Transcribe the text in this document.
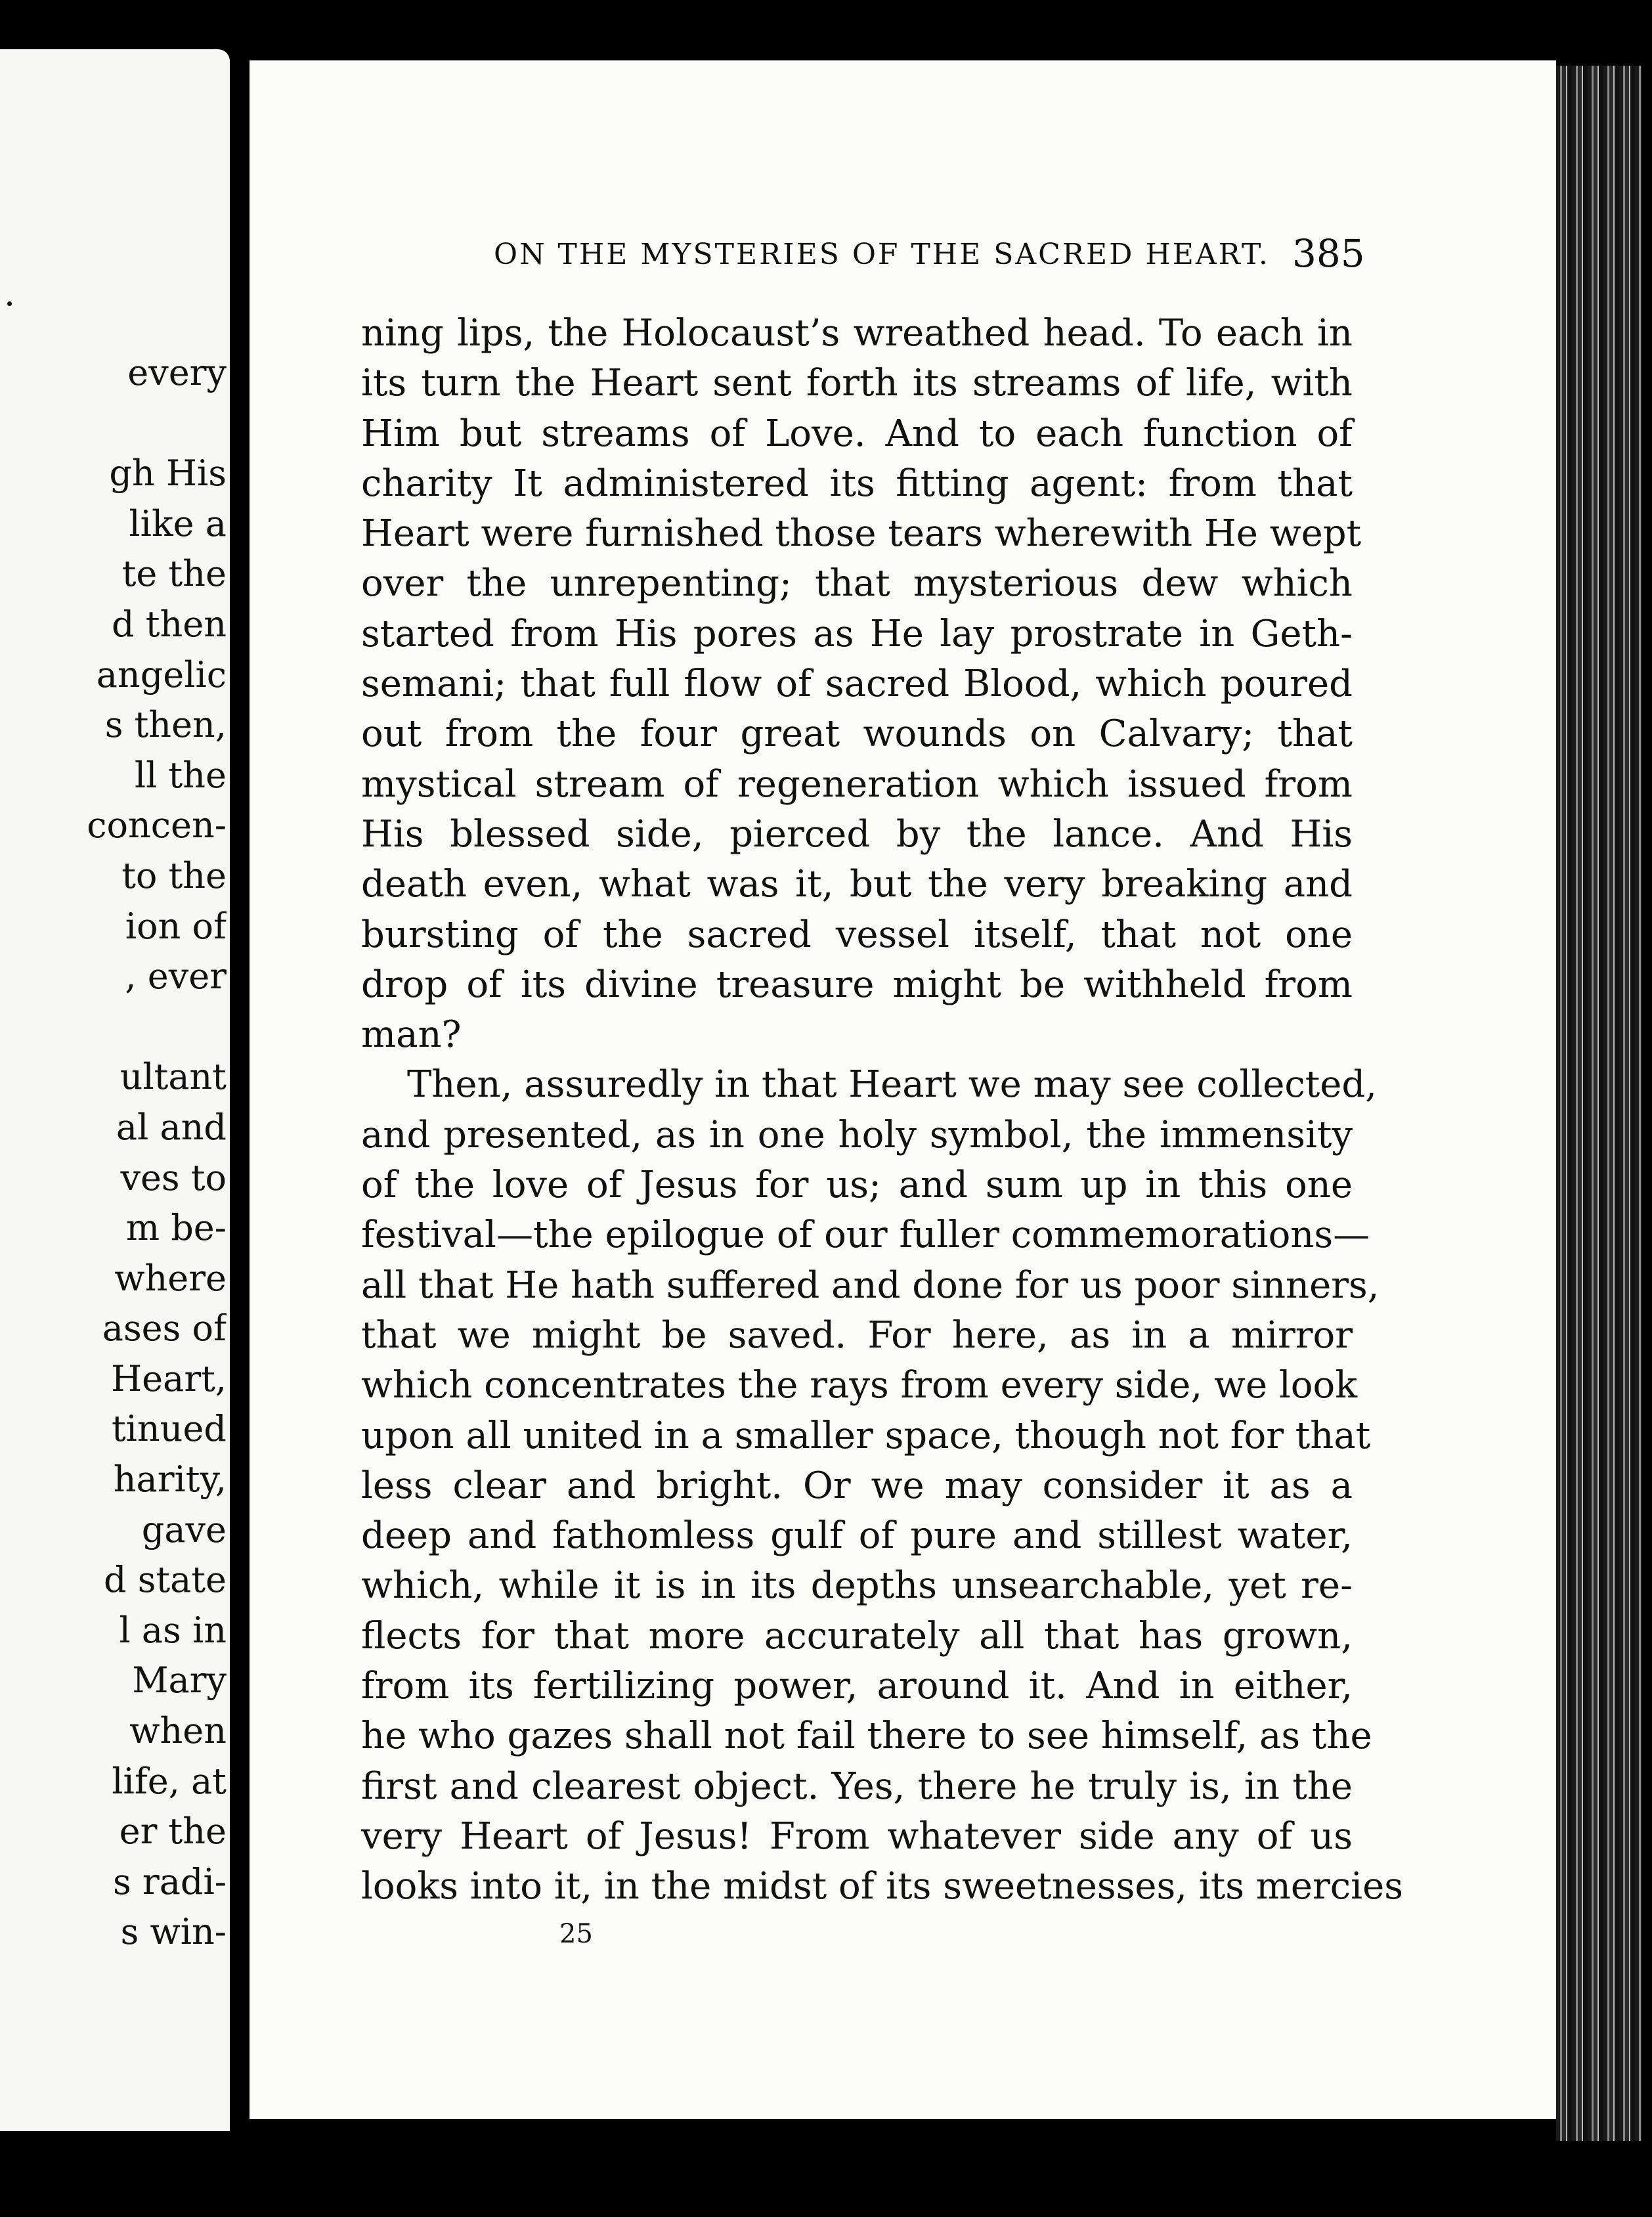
.
every
gh His
like a
te the
d then
angelic
s then,
ll the
concen-
to the
ion of
, ever
ultant
al and
ves to
m be-
where
ases of
Heart,
tinued
harity,
gave
d state
l as in
Mary
when
life, at
er the
s radi-
s win-
ON THE MYSTERIES OF THE SACRED HEART. 385
ning lips, the Holocaust’s wreathed head. To each in
its turn the Heart sent forth its streams of life, with
Him but streams of Love. And to each function of
charity It administered its fitting agent: from that
Heart were furnished those tears wherewith He wept
over the unrepenting; that mysterious dew which
started from His pores as He lay prostrate in Geth-
semani; that full flow of sacred Blood, which poured
out from the four great wounds on Calvary; that
mystical stream of regeneration which issued from
His blessed side, pierced by the lance. And His
death even, what was it, but the very breaking and
bursting of the sacred vessel itself, that not one
drop of its divine treasure might be withheld from
man?
Then, assuredly in that Heart we may see collected,
and presented, as in one holy symbol, the immensity
of the love of Jesus for us; and sum up in this one
festival—the epilogue of our fuller commemorations—
all that He hath suffered and done for us poor sinners,
that we might be saved. For here, as in a mirror
which concentrates the rays from every side, we look
upon all united in a smaller space, though not for that
less clear and bright. Or we may consider it as a
deep and fathomless gulf of pure and stillest water,
which, while it is in its depths unsearchable, yet re-
flects for that more accurately all that has grown,
from its fertilizing power, around it. And in either,
he who gazes shall not fail there to see himself, as the
first and clearest object. Yes, there he truly is, in the
very Heart of Jesus! From whatever side any of us
looks into it, in the midst of its sweetnesses, its mercies
25
